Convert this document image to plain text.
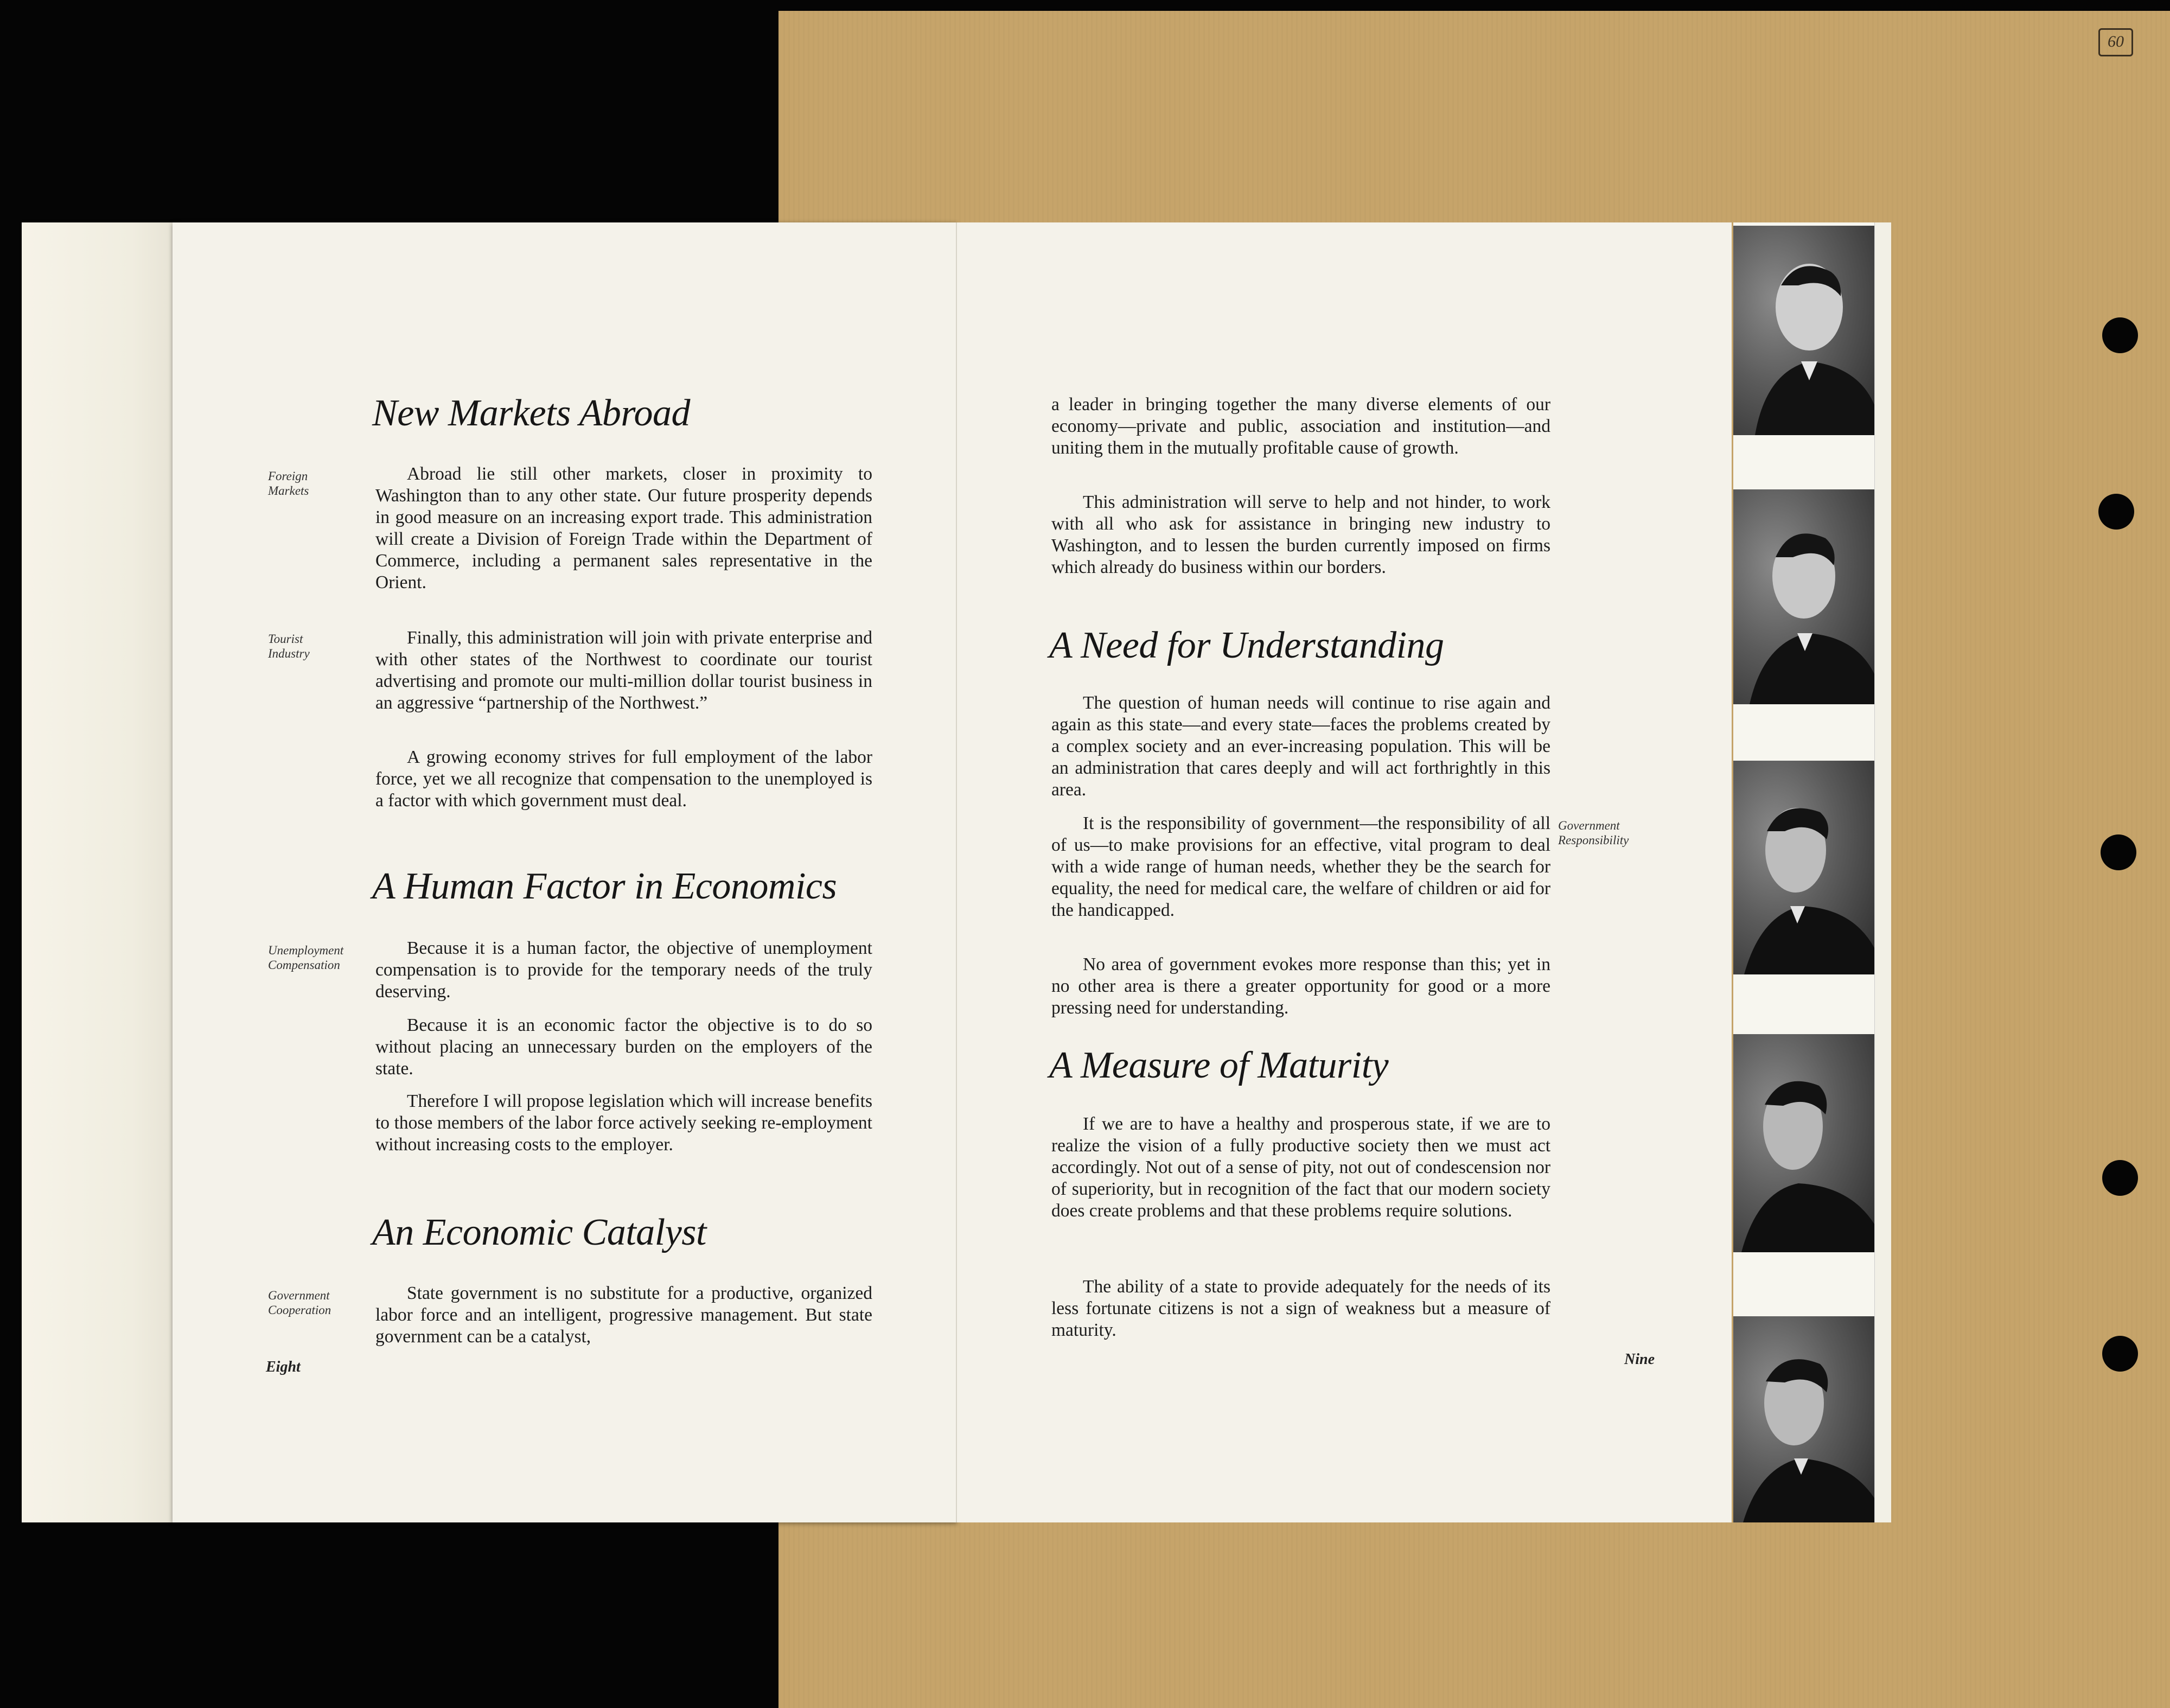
60
New Markets Abroad

Foreign
Markets

Abroad lie still other markets, closer in proximity to Washington than to any other state. Our future prosperity depends in good measure on an increasing export trade. This administration will create a Division of Foreign Trade within the Department of Commerce, including a permanent sales representative in the Orient.

Tourist
Industry

Finally, this administration will join with private enterprise and with other states of the Northwest to coordinate our tourist advertising and promote our multi-million dollar tourist business in an aggressive “partnership of the Northwest.”

A growing economy strives for full employment of the labor force, yet we all recognize that compensation to the unemployed is a factor with which government must deal.

A Human Factor in Economics

Unemployment
Compensation

Because it is a human factor, the objective of unemployment compensation is to provide for the temporary needs of the truly deserving.

Because it is an economic factor the objective is to do so without placing an unnecessary burden on the employers of the state.

Therefore I will propose legislation which will increase benefits to those members of the labor force actively seeking re-employment without increasing costs to the employer.

An Economic Catalyst

Government
Cooperation

State government is no substitute for a productive, organized labor force and an intelligent, progressive management. But state government can be a catalyst,

Eight

a leader in bringing together the many diverse elements of our economy—private and public, association and institution—and uniting them in the mutually profitable cause of growth.

This administration will serve to help and not hinder, to work with all who ask for assistance in bringing new industry to Washington, and to lessen the burden currently imposed on firms which already do business within our borders.

A Need for Understanding

The question of human needs will continue to rise again and again as this state—and every state—faces the problems created by a complex society and an ever-increasing population. This will be an administration that cares deeply and will act forthrightly in this area.

Government
Responsibility

It is the responsibility of government—the responsibility of all of us—to make provisions for an effective, vital program to deal with a wide range of human needs, whether they be the search for equality, the need for medical care, the welfare of children or aid for the handicapped.

No area of government evokes more response than this; yet in no other area is there a greater opportunity for good or a more pressing need for understanding.

A Measure of Maturity

If we are to have a healthy and prosperous state, if we are to realize the vision of a fully productive society then we must act accordingly. Not out of a sense of pity, not out of condescension nor of superiority, but in recognition of the fact that our modern society does create problems and that these problems require solutions.

The ability of a state to provide adequately for the needs of its less fortunate citizens is not a sign of weakness but a measure of maturity.

Nine
